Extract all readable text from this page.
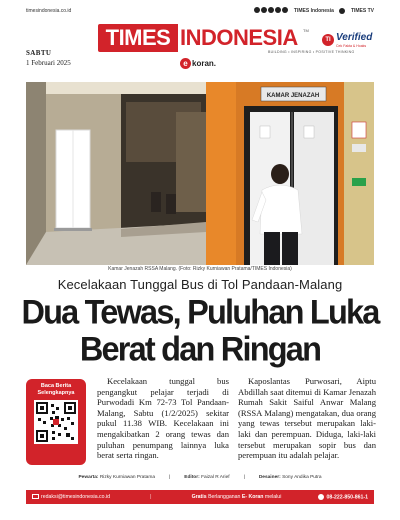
timesindonesia.co.id	TIMES Indonesia	TIMES TV
SABTU
1 Februari 2025
TIMES INDONESIA TM
BUILDING • INSPIRING • POSITIVE THINKING
e koran.
TI Verified
Cek Fakta & Hoaks
KAMAR JENAZAH
Kamar Jenazah RSSA Malang. (Foto: Rizky Kurniawan Pratama/TIMES Indonesia)
Kecelakaan Tunggal Bus di Tol Pandaan-Malang
Dua Tewas, Puluhan Luka
Berat dan Ringan
Baca Berita Selengkapnya
Kecelakaan tunggal bus pengangkut pelajar terjadi di Purwodadi Km 72-73 Tol Pandaan-Malang, Sabtu (1/2/2025) sekitar pukul 11.38 WIB. Kecelakaan ini mengakibatkan 2 orang tewas dan puluhan penumpang lainnya luka berat serta ringan.
Kaposlantas Purwosari, Aiptu Abdillah saat ditemui di Kamar Jenazah Rumah Sakit Saiful Anwar Malang (RSSA Malang) mengatakan, dua orang yang tewas tersebut merupakan laki-laki dan perempuan. Diduga, laki-laki tersebut merupakan sopir bus dan perempuan itu adalah pelajar.
Pewarta: Rizky Kurniawan Pratama	|	Editor: Faizal R Arief	|	Desainer: Sony Andika Putra
redaksi@timesindonesia.co.id	|	Gratis Berlangganan E- Koran melalui	08-222-850-861-1
